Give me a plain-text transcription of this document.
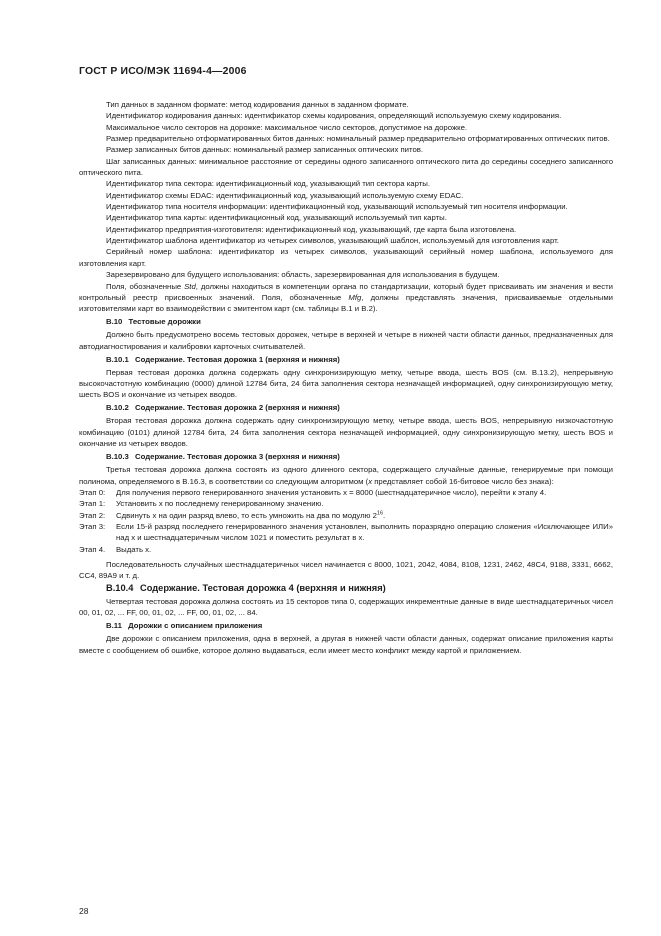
ГОСТ Р ИСО/МЭК 11694-4—2006

Тип данных в заданном формате: метод кодирования данных в заданном формате.

Идентификатор кодирования данных: идентификатор схемы кодирования, определяющий используемую схему кодирования.

Максимальное число секторов на дорожке: максимальное число секторов, допустимое на дорожке.

Размер предварительно отформатированных битов данных: номинальный размер предварительно отформатированных оптических питов.

Размер записанных битов данных: номинальный размер записанных оптических питов.

Шаг записанных данных: минимальное расстояние от середины одного записанного оптического пита до середины соседнего записанного оптического пита.

Идентификатор типа сектора: идентификационный код, указывающий тип сектора карты.

Идентификатор схемы EDAC: идентификационный код, указывающий используемую схему EDAC.

Идентификатор типа носителя информации: идентификационный код, указывающий используемый тип носителя информации.

Идентификатор типа карты: идентификационный код, указывающий используемый тип карты.

Идентификатор предприятия-изготовителя: идентификационный код, указывающий, где карта была изготовлена.

Идентификатор шаблона идентификатор из четырех символов, указывающий шаблон, используемый для изготовления карт.

Серийный номер шаблона: идентификатор из четырех символов, указывающий серийный номер шаблона, используемого для изготовления карт.

Зарезервировано для будущего использования: область, зарезервированная для использования в будущем.

Поля, обозначенные Std, должны находиться в компетенции органа по стандартизации, который будет присваивать им значения и вести контрольный реестр присвоенных значений. Поля, обозначенные Mfg, должны представлять значения, присваиваемые отдельными изготовителями карт во взаимодействии с эмитентом карт (см. таблицы В.1 и В.2).

В.10 Тестовые дорожки

Должно быть предусмотрено восемь тестовых дорожек, четыре в верхней и четыре в нижней части области данных, предназначенных для автодиагностирования и калибровки карточных считывателей.

В.10.1 Содержание. Тестовая дорожка 1 (верхняя и нижняя)

Первая тестовая дорожка должна содержать одну синхронизирующую метку, четыре ввода, шесть BOS (см. В.13.2), непрерывную высокочастотную комбинацию (0000) длиной 12784 бита, 24 бита заполнения сектора незначащей информацией, одну синхронизирующую метку, шесть BOS и окончание из четырех вводов.

В.10.2 Содержание. Тестовая дорожка 2 (верхняя и нижняя)

Вторая тестовая дорожка должна содержать одну синхронизирующую метку, четыре ввода, шесть BOS, непрерывную низкочастотную комбинацию (0101) длиной 12784 бита, 24 бита заполнения сектора незначащей информацией, одну синхронизирующую метку, шесть BOS и окончание из четырех вводов.

В.10.3 Содержание. Тестовая дорожка 3 (верхняя и нижняя)

Третья тестовая дорожка должна состоять из одного длинного сектора, содержащего случайные данные, генерируемые при помощи полинома, определяемого в В.16.3, в соответствии со следующим алгоритмом (х представляет собой 16-битовое число без знака):

Этап 0:	Для получения первого генерированного значения установить х = 8000 (шестнадцатеричное число), перейти к этапу 4.
Этап 1:	Установить х по последнему генерированному значению.
Этап 2:	Сдвинуть х на один разряд влево, то есть умножить на два по модулю $2^{16}$.
Этап 3:	Если 15-й разряд последнего генерированного значения установлен, выполнить поразрядно операцию сложения «Исключающее ИЛИ» над х и шестнадцатеричным числом 1021 и поместить результат в х.
Этап 4.	Выдать х.

Последовательность случайных шестнадцатеричных чисел начинается с 8000, 1021, 2042, 4084, 8108, 1231, 2462, 48С4, 9188, 3331, 6662, СС4, 89А9 и т. д.

В.10.4 Содержание. Тестовая дорожка 4 (верхняя и нижняя)

Четвертая тестовая дорожка должна состоять из 15 секторов типа 0, содержащих инкрементные данные в виде шестнадцатеричных чисел 00, 01, 02, ... FF, 00, 01, 02, ... FF, 00, 01, 02, ... 84.

В.11 Дорожки с описанием приложения

Две дорожки с описанием приложения, одна в верхней, а другая в нижней части области данных, содержат описание приложения карты вместе с сообщением об ошибке, которое должно выдаваться, если имеет место конфликт между картой и приложением.

28
